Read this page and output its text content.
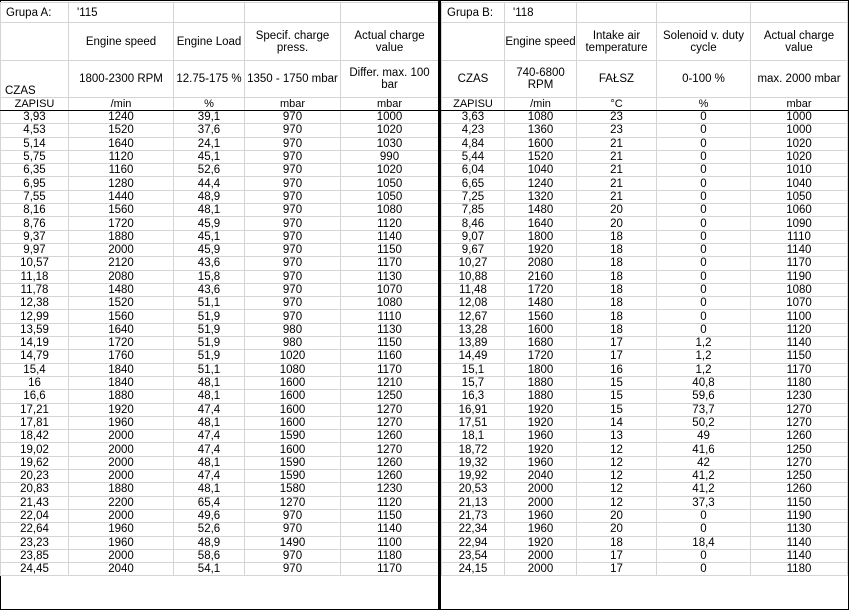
Grupa A:	'115			
	Engine speed	Engine Load	Specif. charge press.	Actual charge value
CZAS	1800-2300 RPM	12.75-175 %	1350 - 1750 mbar	Differ. max. 100 bar
ZAPISU	/min	%	mbar	mbar
3,93	1240	39,1	970	1000
4,53	1520	37,6	970	1020
5,14	1640	24,1	970	1030
5,75	1120	45,1	970	990
6,35	1160	52,6	970	1020
6,95	1280	44,4	970	1050
7,55	1440	48,9	970	1050
8,16	1560	48,1	970	1080
8,76	1720	45,9	970	1120
9,37	1880	45,1	970	1140
9,97	2000	45,9	970	1150
10,57	2120	43,6	970	1170
11,18	2080	15,8	970	1130
11,78	1480	43,6	970	1070
12,38	1520	51,1	970	1080
12,99	1560	51,9	970	1110
13,59	1640	51,9	980	1130
14,19	1720	51,9	980	1150
14,79	1760	51,9	1020	1160
15,4	1840	51,1	1080	1170
16	1840	48,1	1600	1210
16,6	1880	48,1	1600	1250
17,21	1920	47,4	1600	1270
17,81	1960	48,1	1600	1270
18,42	2000	47,4	1590	1260
19,02	2000	47,4	1600	1270
19,62	2000	48,1	1590	1260
20,23	2000	47,4	1590	1260
20,83	1880	48,1	1580	1230
21,43	2200	65,4	1270	1120
22,04	2000	49,6	970	1150
22,64	1960	52,6	970	1140
23,23	1960	48,9	1490	1100
23,85	2000	58,6	970	1180
24,45	2040	54,1	970	1170
Grupa B:	'118			
	Engine speed	Intake air temperature	Solenoid v. duty cycle	Actual charge value
CZAS	740-6800 RPM	FAŁSZ	0-100 %	max. 2000 mbar
ZAPISU	/min	°C	%	mbar
3,63	1080	23	0	1000
4,23	1360	23	0	1000
4,84	1600	21	0	1020
5,44	1520	21	0	1020
6,04	1040	21	0	1010
6,65	1240	21	0	1040
7,25	1320	21	0	1050
7,85	1480	20	0	1060
8,46	1640	20	0	1090
9,07	1800	18	0	1110
9,67	1920	18	0	1140
10,27	2080	18	0	1170
10,88	2160	18	0	1190
11,48	1720	18	0	1080
12,08	1480	18	0	1070
12,67	1560	18	0	1100
13,28	1600	18	0	1120
13,89	1680	17	1,2	1140
14,49	1720	17	1,2	1150
15,1	1800	16	1,2	1170
15,7	1880	15	40,8	1180
16,3	1880	15	59,6	1230
16,91	1920	15	73,7	1270
17,51	1920	14	50,2	1270
18,1	1960	13	49	1260
18,72	1920	12	41,6	1250
19,32	1960	12	42	1270
19,92	2040	12	41,2	1250
20,53	2000	12	41,2	1260
21,13	2000	12	37,3	1150
21,73	1960	20	0	1190
22,34	1960	20	0	1130
22,94	1920	18	18,4	1140
23,54	2000	17	0	1140
24,15	2000	17	0	1180
